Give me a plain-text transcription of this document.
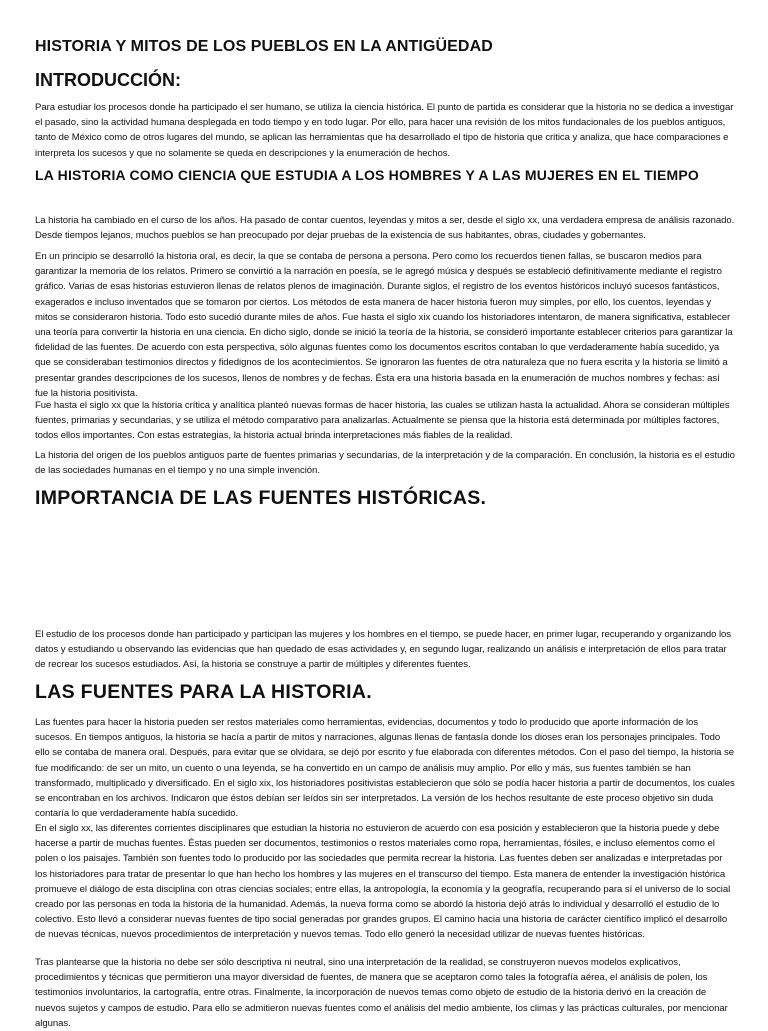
HISTORIA Y MITOS DE LOS PUEBLOS EN LA ANTIGÜEDAD
INTRODUCCIÓN:

Para estudiar los procesos donde ha participado el ser humano, se utiliza la ciencia histórica. El punto de partida es considerar que la historia no se dedica a investigar el pasado, sino la actividad humana desplegada en todo tiempo y en todo lugar. Por ello, para hacer una revisión de los mitos fundacionales de los pueblos antiguos, tanto de México como de otros lugares del mundo, se aplican las herramientas que ha desarrollado el tipo de historia que critica y analiza, que hace comparaciones e interpreta los sucesos y que no solamente se queda en descripciones y la enumeración de hechos.

LA HISTORIA COMO CIENCIA QUE ESTUDIA A LOS HOMBRES Y A LAS MUJERES EN EL TIEMPO

La historia ha cambiado en el curso de los años. Ha pasado de contar cuentos, leyendas y mitos a ser, desde el siglo xx, una verdadera empresa de análisis razonado. Desde tiempos lejanos, muchos pueblos se han preocupado por dejar pruebas de la existencia de sus habitantes, obras, ciudades y gobernantes.

En un principio se desarrolló la historia oral, es decir, la que se contaba de persona a persona. Pero como los recuerdos tienen fallas, se buscaron medios para garantizar la memoria de los relatos. Primero se convirtió a la narración en poesía, se le agregó música y después se estableció definitivamente mediante el registro gráfico. Varias de esas historias estuvieron llenas de relatos plenos de imaginación. Durante siglos, el registro de los eventos históricos incluyó sucesos fantásticos, exagerados e incluso inventados que se tomaron por ciertos. Los métodos de esta manera de hacer historia fueron muy simples, por ello, los cuentos, leyendas y mitos se consideraron historia. Todo esto sucedió durante miles de años. Fue hasta el siglo xix cuando los historiadores intentaron, de manera significativa, establecer una teoría para convertir la historia en una ciencia. En dicho siglo, donde se inició la teoría de la historia, se consideró importante establecer criterios para garantizar la fidelidad de las fuentes. De acuerdo con esta perspectiva, sólo algunas fuentes como los documentos escritos contaban lo que verdaderamente había sucedido, ya que se consideraban testimonios directos y fidedignos de los acontecimientos. Se ignoraron las fuentes de otra naturaleza que no fuera escrita y la historia se limitó a presentar grandes descripciones de los sucesos, llenos de nombres y de fechas. Ésta era una historia basada en la enumeración de muchos nombres y fechas: así fue la historia positivista.

Fue hasta el siglo xx que la historia crítica y analítica planteó nuevas formas de hacer historia, las cuales se utilizan hasta la actualidad. Ahora se consideran múltiples fuentes, primarias y secundarias, y se utiliza el método comparativo para analizarlas. Actualmente se piensa que la historia está determinada por múltiples factores, todos ellos importantes. Con estas estrategias, la historia actual brinda interpretaciones más fiables de la realidad.

La historia del origen de los pueblos antiguos parte de fuentes primarias y secundarias, de la interpretación y de la comparación. En conclusión, la historia es el estudio de las sociedades humanas en el tiempo y no una simple invención.

IMPORTANCIA DE LAS FUENTES HISTÓRICAS.

El estudio de los procesos donde han participado y participan las mujeres y los hombres en el tiempo, se puede hacer, en primer lugar, recuperando y organizando los datos y estudiando u observando las evidencias que han quedado de esas actividades y, en segundo lugar, realizando un análisis e interpretación de ellos para tratar de recrear los sucesos estudiados. Así, la historia se construye a partir de múltiples y diferentes fuentes.

LAS FUENTES PARA LA HISTORIA.

Las fuentes para hacer la historia pueden ser restos materiales como herramientas, evidencias, documentos y todo lo producido que aporte información de los sucesos. En tiempos antiguos, la historia se hacía a partir de mitos y narraciones, algunas llenas de fantasía donde los dioses eran los personajes principales. Todo ello se contaba de manera oral. Después, para evitar que se olvidara, se dejó por escrito y fue elaborada con diferentes métodos. Con el paso del tiempo, la historia se fue modificando: de ser un mito, un cuento o una leyenda, se ha convertido en un campo de análisis muy amplio. Por ello y más, sus fuentes también se han transformado, multiplicado y diversificado. En el siglo xix, los historiadores positivistas establecieron que sólo se podía hacer historia a partir de documentos, los cuales se encontraban en los archivos. Indicaron que éstos debían ser leídos sin ser interpretados. La versión de los hechos resultante de este proceso objetivo sin duda contaría lo que verdaderamente había sucedido.

En el siglo xx, las diferentes corrientes disciplinares que estudian la historia no estuvieron de acuerdo con esa posición y establecieron que la historia puede y debe hacerse a partir de muchas fuentes. Éstas pueden ser documentos, testimonios o restos materiales como ropa, herramientas, fósiles, e incluso elementos como el polen o los paisajes. También son fuentes todo lo producido por las sociedades que permita recrear la historia. Las fuentes deben ser analizadas e interpretadas por los historiadores para tratar de presentar lo que han hecho los hombres y las mujeres en el transcurso del tiempo. Esta manera de entender la investigación histórica promueve el diálogo de esta disciplina con otras ciencias sociales; entre ellas, la antropología, la economía y la geografía, recuperando para sí el universo de lo social creado por las personas en toda la historia de la humanidad. Además, la nueva forma como se abordó la historia dejó atrás lo individual y desarrolló el estudio de lo colectivo. Esto llevó a considerar nuevas fuentes de tipo social generadas por grandes grupos. El camino hacia una historia de carácter científico implicó el desarrollo de nuevas técnicas, nuevos procedimientos de interpretación y nuevos temas. Todo ello generó la necesidad utilizar de nuevas fuentes históricas.

Tras plantearse que la historia no debe ser sólo descriptiva ni neutral, sino una interpretación de la realidad, se construyeron nuevos modelos explicativos, procedimientos y técnicas que permitieron una mayor diversidad de fuentes, de manera que se aceptaron como tales la fotografía aérea, el análisis de polen, los testimonios involuntarios, la cartografía, entre otras. Finalmente, la incorporación de nuevos temas como objeto de estudio de la historia derivó en la creación de nuevos sujetos y campos de estudio. Para ello se admitieron nuevas fuentes como el análisis del medio ambiente, los climas y las prácticas culturales, por mencionar algunas.
